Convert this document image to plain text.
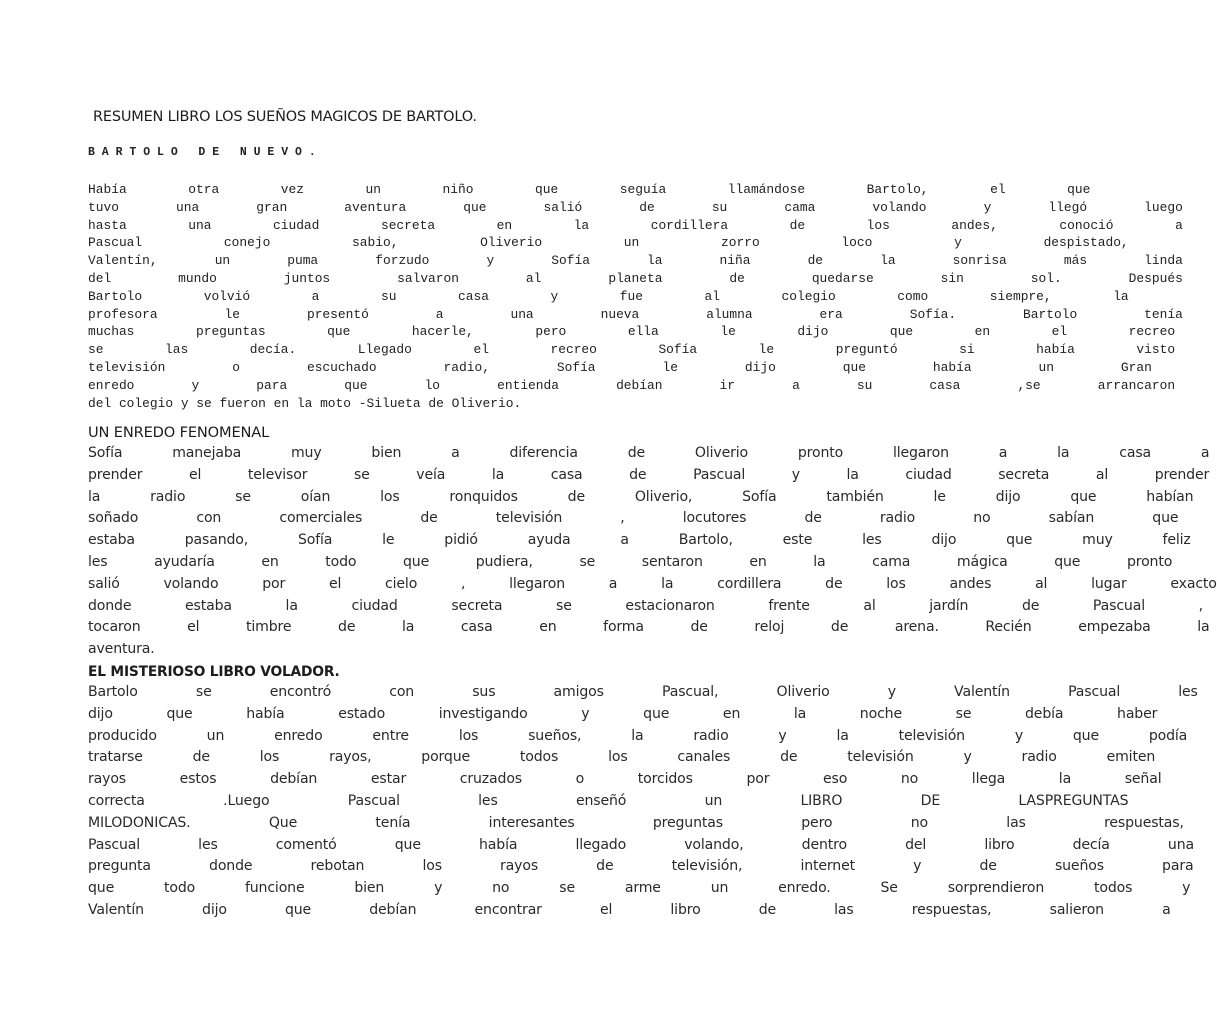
RESUMEN LIBRO LOS SUEÑOS MAGICOS DE BARTOLO.
B A R T O L O   D E   N U E V O .
Había otra vez un niño que seguía llamándose Bartolo, el que
tuvo una gran aventura que salió de su cama volando y llegó luego
hasta una ciudad secreta en la cordillera de los andes, conoció a
Pascual conejo sabio, Oliverio un zorro loco y despistado,
Valentín, un puma forzudo y Sofía la niña de la sonrisa más linda
del mundo juntos salvaron al planeta de quedarse sin sol. Después
Bartolo volvió a su casa y fue al colegio como siempre, la
profesora le presentó a una nueva alumna era Sofía. Bartolo tenía
muchas preguntas que hacerle, pero ella le dijo que en el recreo
se las decía. Llegado el recreo Sofía le preguntó si había visto
televisión o escuchado radio, Sofía le dijo que había un Gran
enredo y para que lo entienda debían ir a su casa ,se arrancaron
del colegio y se fueron en la moto -Silueta de Oliverio.
UN ENREDO FENOMENAL
Sofía manejaba muy bien a diferencia de Oliverio pronto llegaron a la casa a
prender el televisor se veía la casa de Pascual y la ciudad secreta al prender
la radio se oían los ronquidos de Oliverio, Sofía también le dijo que habían
soñado con comerciales de televisión , locutores de radio no sabían que
estaba pasando, Sofía le pidió ayuda a Bartolo, este les dijo que muy feliz
les ayudaría en todo que pudiera, se sentaron en la cama mágica que pronto
salió volando por el cielo , llegaron a la cordillera de los andes al lugar exacto
donde estaba la ciudad secreta se estacionaron frente al jardín de Pascual ,
tocaron el timbre de la casa en forma de reloj de arena. Recién empezaba la
aventura.
EL MISTERIOSO LIBRO VOLADOR.
Bartolo se encontró con sus amigos Pascual, Oliverio y Valentín Pascual les
dijo que había estado investigando y que en la noche se debía haber
producido un enredo entre los sueños, la radio y la televisión y que podía
tratarse de los rayos, porque todos los canales de televisión y radio emiten
rayos estos debían estar cruzados o torcidos por eso no llega la señal
correcta .Luego Pascual les enseñó un LIBRO DE LASPREGUNTAS
MILODONICAS. Que tenía interesantes preguntas pero no las respuestas,
Pascual les comentó que había llegado volando, dentro del libro decía una
pregunta donde rebotan los rayos de televisión, internet y de sueños para
que todo funcione bien y no se arme un enredo. Se sorprendieron todos y
Valentín dijo que debían encontrar el libro de las respuestas, salieron a
